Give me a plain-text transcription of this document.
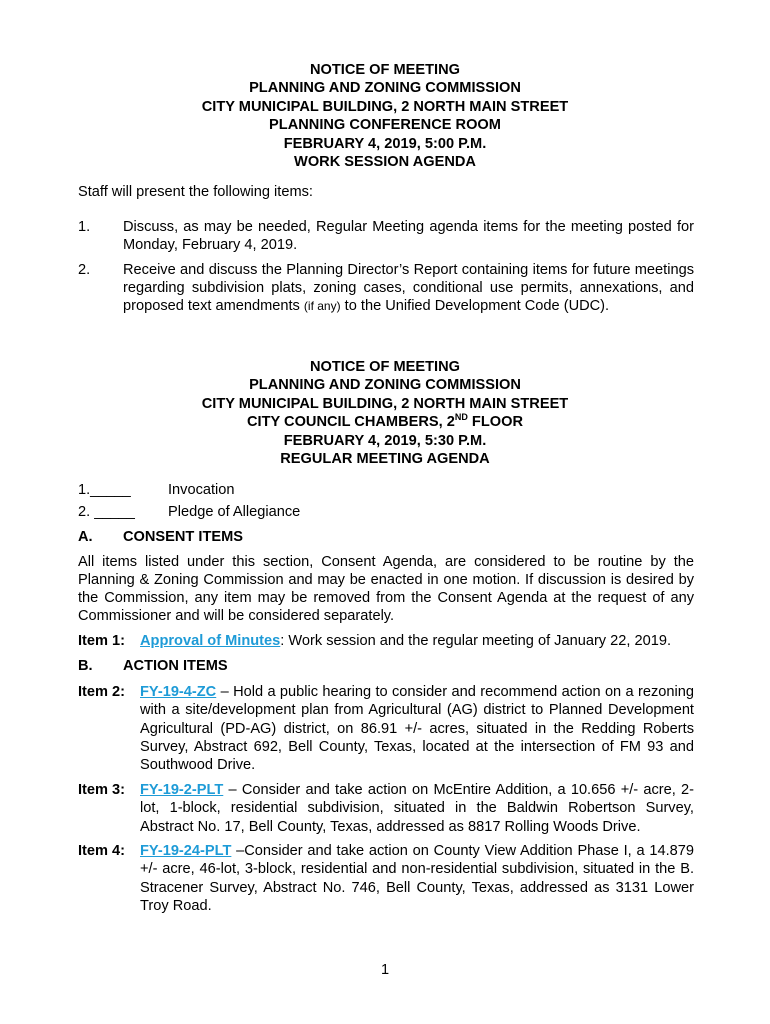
NOTICE OF MEETING
PLANNING AND ZONING COMMISSION
CITY MUNICIPAL BUILDING, 2 NORTH MAIN STREET
PLANNING CONFERENCE ROOM
FEBRUARY 4, 2019, 5:00 P.M.
WORK SESSION AGENDA
Staff will present the following items:
1. Discuss, as may be needed, Regular Meeting agenda items for the meeting posted for Monday, February 4, 2019.
2. Receive and discuss the Planning Director’s Report containing items for future meetings regarding subdivision plats, zoning cases, conditional use permits, annexations, and proposed text amendments (if any) to the Unified Development Code (UDC).
NOTICE OF MEETING
PLANNING AND ZONING COMMISSION
CITY MUNICIPAL BUILDING, 2 NORTH MAIN STREET
CITY COUNCIL CHAMBERS, 2ND FLOOR
FEBRUARY 4, 2019, 5:30 P.M.
REGULAR MEETING AGENDA
1._____	Invocation
2. _____ Pledge of Allegiance
A. CONSENT ITEMS
All items listed under this section, Consent Agenda, are considered to be routine by the Planning & Zoning Commission and may be enacted in one motion. If discussion is desired by the Commission, any item may be removed from the Consent Agenda at the request of any Commissioner and will be considered separately.
Item 1: Approval of Minutes: Work session and the regular meeting of January 22, 2019.
B. ACTION ITEMS
Item 2: FY-19-4-ZC – Hold a public hearing to consider and recommend action on a rezoning with a site/development plan from Agricultural (AG) district to Planned Development Agricultural (PD-AG) district, on 86.91 +/- acres, situated in the Redding Roberts Survey, Abstract 692, Bell County, Texas, located at the intersection of FM 93 and Southwood Drive.
Item 3: FY-19-2-PLT – Consider and take action on McEntire Addition, a 10.656 +/- acre, 2-lot, 1-block, residential subdivision, situated in the Baldwin Robertson Survey, Abstract No. 17, Bell County, Texas, addressed as 8817 Rolling Woods Drive.
Item 4: FY-19-24-PLT –Consider and take action on County View Addition Phase I, a 14.879 +/- acre, 46-lot, 3-block, residential and non-residential subdivision, situated in the B. Stracener Survey, Abstract No. 746, Bell County, Texas, addressed as 3131 Lower Troy Road.
1
